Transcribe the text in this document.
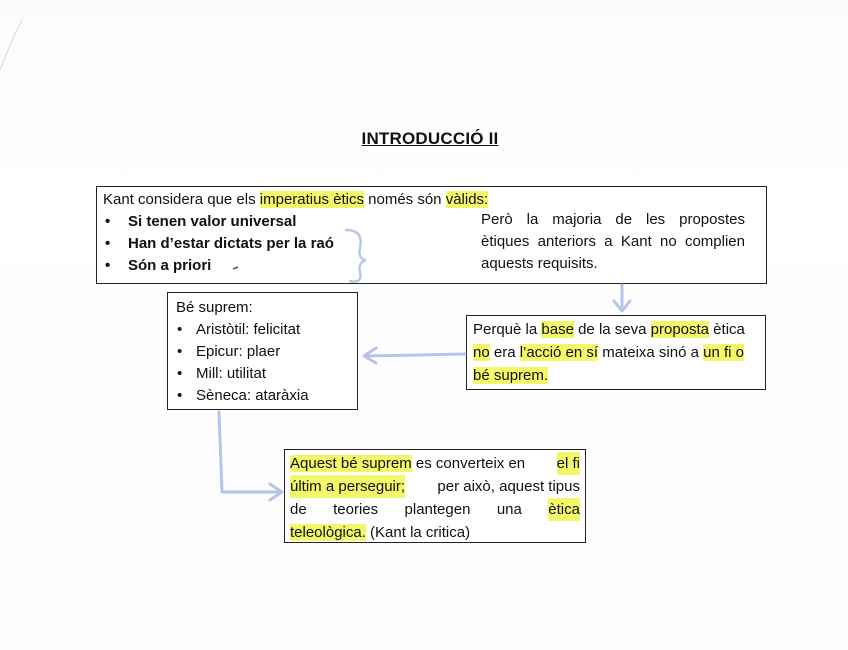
INTRODUCCIÓ II
Kant considera que els imperatius ètics només són vàlids:
• Si tenen valor universal
• Han d’estar dictats per la raó
• Són a priori
Però la majoria de les propostes
ètiques anteriors a Kant no complien
aquests requisits.
Bé suprem:
• Aristòtil: felicitat
• Epicur: plaer
• Mill: utilitat
• Sèneca: ataràxia
Perquè la base de la seva proposta ètica
no era l’acció en sí mateixa sinó a un fi o
bé suprem.
Aquest bé suprem es converteix en el fi
últim a perseguir; per això, aquest tipus
de teories plantegen una ètica
teleològica. (Kant la critica)
